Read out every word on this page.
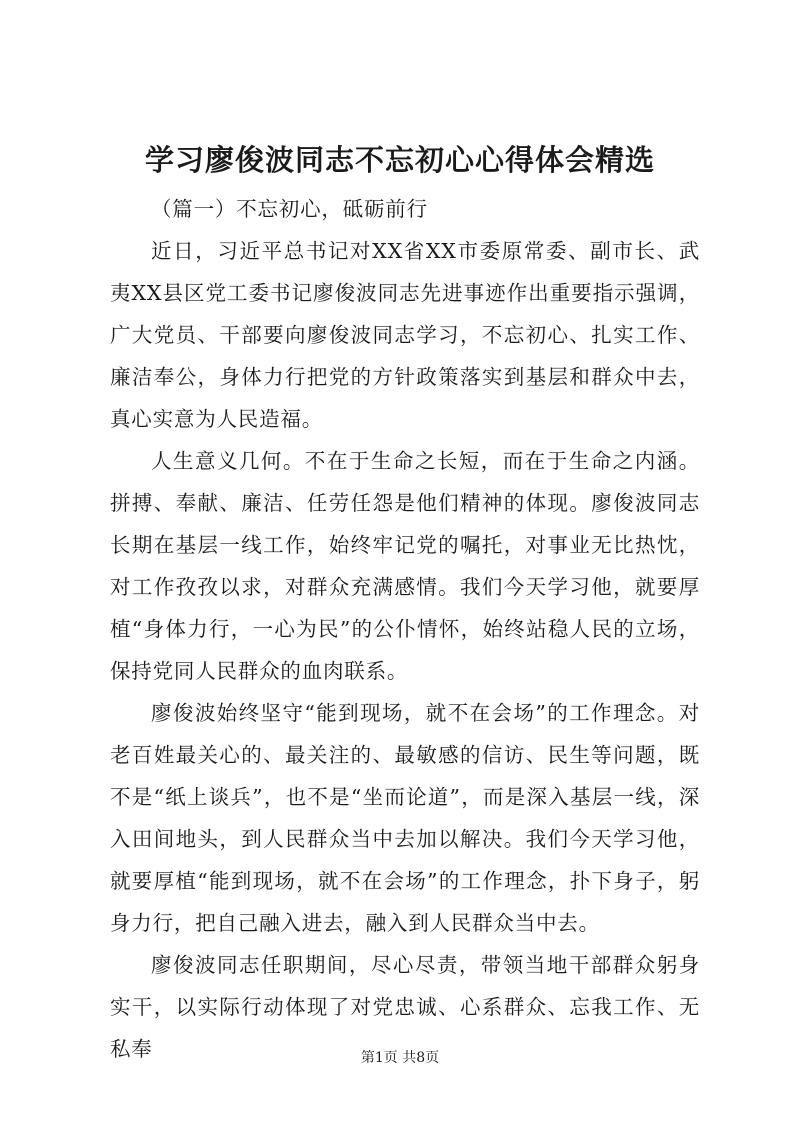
学习廖俊波同志不忘初心心得体会精选

（篇一）不忘初心，砥砺前行

近日，习近平总书记对XX省XX市委原常委、副市长、武夷XX县区党工委书记廖俊波同志先进事迹作出重要指示强调，广大党员、干部要向廖俊波同志学习，不忘初心、扎实工作、廉洁奉公，身体力行把党的方针政策落实到基层和群众中去，真心实意为人民造福。

人生意义几何。不在于生命之长短，而在于生命之内涵。拼搏、奉献、廉洁、任劳任怨是他们精神的体现。廖俊波同志长期在基层一线工作，始终牢记党的嘱托，对事业无比热忱，对工作孜孜以求，对群众充满感情。我们今天学习他，就要厚植“身体力行，一心为民”的公仆情怀，始终站稳人民的立场，保持党同人民群众的血肉联系。

廖俊波始终坚守“能到现场，就不在会场”的工作理念。对老百姓最关心的、最关注的、最敏感的信访、民生等问题，既不是“纸上谈兵”，也不是“坐而论道”，而是深入基层一线，深入田间地头，到人民群众当中去加以解决。我们今天学习他，就要厚植“能到现场，就不在会场”的工作理念，扑下身子，躬身力行，把自己融入进去，融入到人民群众当中去。

廖俊波同志任职期间，尽心尽责，带领当地干部群众躬身实干，以实际行动体现了对党忠诚、心系群众、忘我工作、无私奉	第1页 共8页
